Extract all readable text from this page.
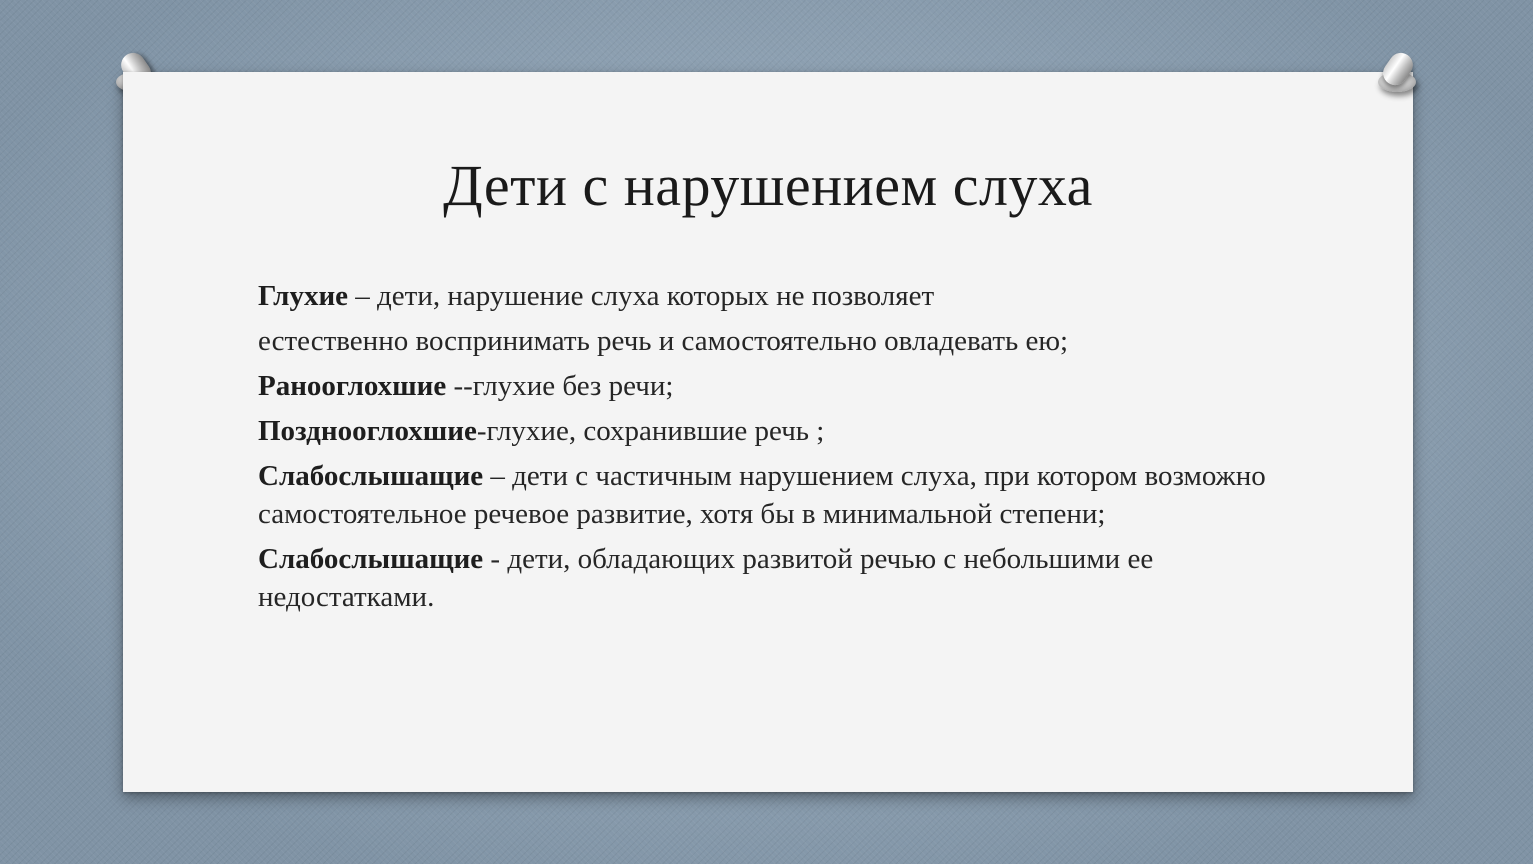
Дети с нарушением слуха

Глухие – дети, нарушение слуха которых не позволяет

естественно воспринимать речь и самостоятельно овладевать ею;

Ранооглохшие --глухие без речи;

Позднооглохшие-глухие, сохранившие речь ;

Слабослышащие – дети с частичным нарушением слуха, при котором возможно самостоятельное речевое развитие, хотя бы в минимальной степени;

Слабослышащие - дети, обладающих развитой речью с небольшими ее недостатками.
